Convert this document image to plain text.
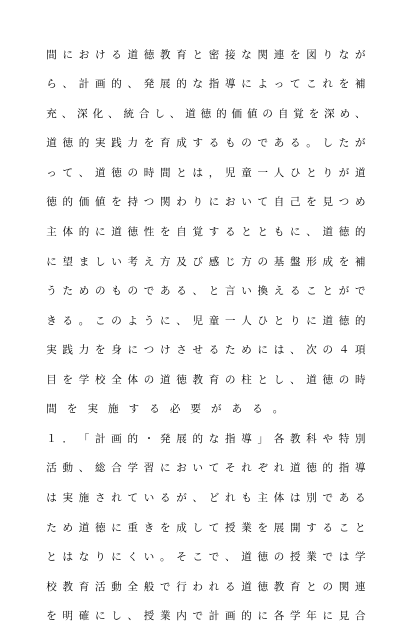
間 に お け る 道 徳 教 育 と 密 接 な 関 連 を 図 り な が
ら 、 計 画 的 、 発 展 的 な 指 導 に よ っ て こ れ を 補
充 、 深 化 、 統 合 し 、 道 徳 的 価 値 の 自 覚 を 深 め 、
道 徳 的 実 践 力 を 育 成 す る も の で あ る 。 し た が
っ て 、 道 徳 の 時 間 と は ， 児 童 一 人 ひ と り が 道
徳 的 価 値 を 持 つ 関 わ り に お い て 自 己 を 見 つ め
主 体 的 に 道 徳 性 を 自 覚 す る と と も に 、 道 徳 的
に 望 ま し い 考 え 方 及 び 感 じ 方 の 基 盤 形 成 を 補
う た め の も の で あ る 、 と 言 い 換 え る こ と が で
き る 。 こ の よ う に 、 児 童 一 人 ひ と り に 道 徳 的
実 践 力 を 身 に つ け さ せ る た め に は 、 次 の ４ 項
目 を 学 校 全 体 の 道 徳 教 育 の 柱 と し 、 道 徳 の 時
間 を 実 施 す る 必 要 が あ る 。
１ ． 「 計 画 的 ・ 発 展 的 な 指 導 」 各 教 科 や 特 別
活 動 、 総 合 学 習 に お い て そ れ ぞ れ 道 徳 的 指 導
は 実 施 さ れ て い る が 、 ど れ も 主 体 は 別 で あ る
た め 道 徳 に 重 き を 成 し て 授 業 を 展 開 す る こ と
と は な り に く い 。 そ こ で 、 道 徳 の 授 業 で は 学
校 教 育 活 動 全 般 で 行 わ れ る 道 徳 教 育 と の 関 連
を 明 確 に し 、 授 業 内 で 計 画 的 に 各 学 年 に 見 合
